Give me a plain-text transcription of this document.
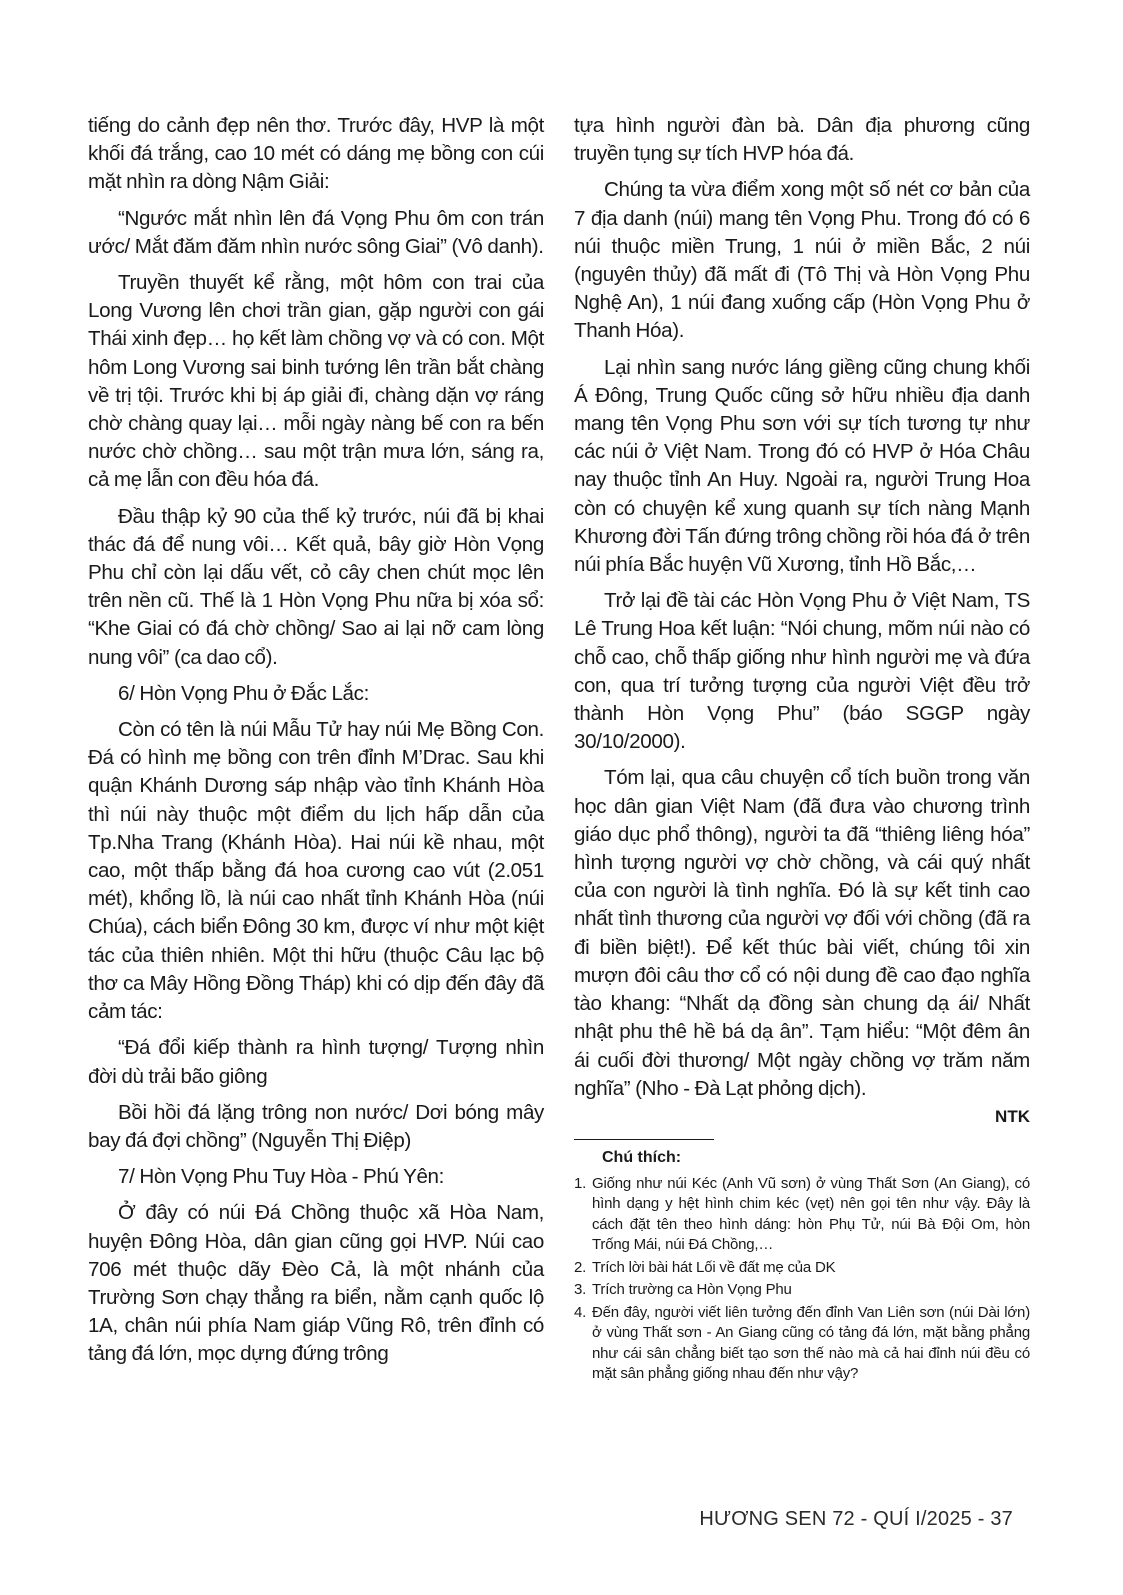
tiếng do cảnh đẹp nên thơ. Trước đây, HVP là một khối đá trắng, cao 10 mét có dáng mẹ bồng con cúi mặt nhìn ra dòng Nậm Giải:

“Ngước mắt nhìn lên đá Vọng Phu ôm con trán ước/ Mắt đăm đăm nhìn nước sông Giai” (Vô danh).

Truyền thuyết kể rằng, một hôm con trai của Long Vương lên chơi trần gian, gặp người con gái Thái xinh đẹp… họ kết làm chồng vợ và có con. Một hôm Long Vương sai binh tướng lên trần bắt chàng về trị tội. Trước khi bị áp giải đi, chàng dặn vợ ráng chờ chàng quay lại… mỗi ngày nàng bế con ra bến nước chờ chồng… sau một trận mưa lớn, sáng ra, cả mẹ lẫn con đều hóa đá.

Đầu thập kỷ 90 của thế kỷ trước, núi đã bị khai thác đá để nung vôi… Kết quả, bây giờ Hòn Vọng Phu chỉ còn lại dấu vết, cỏ cây chen chút mọc lên trên nền cũ. Thế là 1 Hòn Vọng Phu nữa bị xóa sổ: “Khe Giai có đá chờ chồng/ Sao ai lại nỡ cam lòng nung vôi” (ca dao cổ).

6/ Hòn Vọng Phu ở Đắc Lắc:

Còn có tên là núi Mẫu Tử hay núi Mẹ Bồng Con. Đá có hình mẹ bồng con trên đỉnh M’Drac. Sau khi quận Khánh Dương sáp nhập vào tỉnh Khánh Hòa thì núi này thuộc một điểm du lịch hấp dẫn của Tp.Nha Trang (Khánh Hòa). Hai núi kề nhau, một cao, một thấp bằng đá hoa cương cao vút (2.051 mét), khổng lồ, là núi cao nhất tỉnh Khánh Hòa (núi Chúa), cách biển Đông 30 km, được ví như một kiệt tác của thiên nhiên. Một thi hữu (thuộc Câu lạc bộ thơ ca Mây Hồng Đồng Tháp) khi có dịp đến đây đã cảm tác:

“Đá đổi kiếp thành ra hình tượng/ Tượng nhìn đời dù trải bão giông

Bồi hồi đá lặng trông non nước/ Dơi bóng mây bay đá đợi chồng” (Nguyễn Thị Điệp)

7/ Hòn Vọng Phu Tuy Hòa - Phú Yên:

Ở đây có núi Đá Chồng thuộc xã Hòa Nam, huyện Đông Hòa, dân gian cũng gọi HVP. Núi cao 706 mét thuộc dãy Đèo Cả, là một nhánh của Trường Sơn chạy thẳng ra biển, nằm cạnh quốc lộ 1A, chân núi phía Nam giáp Vũng Rô, trên đỉnh có tảng đá lớn, mọc dựng đứng trông

tựa hình người đàn bà. Dân địa phương cũng truyền tụng sự tích HVP hóa đá.

Chúng ta vừa điểm xong một số nét cơ bản của 7 địa danh (núi) mang tên Vọng Phu. Trong đó có 6 núi thuộc miền Trung, 1 núi ở miền Bắc, 2 núi (nguyên thủy) đã mất đi (Tô Thị và Hòn Vọng Phu Nghệ An), 1 núi đang xuống cấp (Hòn Vọng Phu ở Thanh Hóa).

Lại nhìn sang nước láng giềng cũng chung khối Á Đông, Trung Quốc cũng sở hữu nhiều địa danh mang tên Vọng Phu sơn với sự tích tương tự như các núi ở Việt Nam. Trong đó có HVP ở Hóa Châu nay thuộc tỉnh An Huy. Ngoài ra, người Trung Hoa còn có chuyện kể xung quanh sự tích nàng Mạnh Khương đời Tấn đứng trông chồng rồi hóa đá ở trên núi phía Bắc huyện Vũ Xương, tỉnh Hồ Bắc,…

Trở lại đề tài các Hòn Vọng Phu ở Việt Nam, TS Lê Trung Hoa kết luận: “Nói chung, mõm núi nào có chỗ cao, chỗ thấp giống như hình người mẹ và đứa con, qua trí tưởng tượng của người Việt đều trở thành Hòn Vọng Phu” (báo SGGP ngày 30/10/2000).

Tóm lại, qua câu chuyện cổ tích buồn trong văn học dân gian Việt Nam (đã đưa vào chương trình giáo dục phổ thông), người ta đã “thiêng liêng hóa” hình tượng người vợ chờ chồng, và cái quý nhất của con người là tình nghĩa. Đó là sự kết tinh cao nhất tình thương của người vợ đối với chồng (đã ra đi biền biệt!). Để kết thúc bài viết, chúng tôi xin mượn đôi câu thơ cổ có nội dung đề cao đạo nghĩa tào khang: “Nhất dạ đồng sàn chung dạ ái/ Nhất nhật phu thê hề bá dạ ân”. Tạm hiểu: “Một đêm ân ái cuối đời thương/ Một ngày chồng vợ trăm năm nghĩa” (Nho - Đà Lạt phỏng dịch).

NTK
Chú thích:
1. Giống như núi Kéc (Anh Vũ sơn) ở vùng Thất Sơn (An Giang), có hình dạng y hệt hình chim kéc (vẹt) nên gọi tên như vậy. Đây là cách đặt tên theo hình dáng: hòn Phụ Tử, núi Bà Đội Om, hòn Trống Mái, núi Đá Chồng,…
2. Trích lời bài hát Lối về đất mẹ của DK
3. Trích trường ca Hòn Vọng Phu
4. Đến đây, người viết liên tưởng đến đỉnh Van Liên sơn (núi Dài lớn) ở vùng Thất sơn - An Giang cũng có tảng đá lớn, mặt bằng phẳng như cái sân chẳng biết tạo sơn thế nào mà cả hai đỉnh núi đều có mặt sân phẳng giống nhau đến như vậy?
HƯƠNG SEN 72 - QUÍ I/2025 - 37
